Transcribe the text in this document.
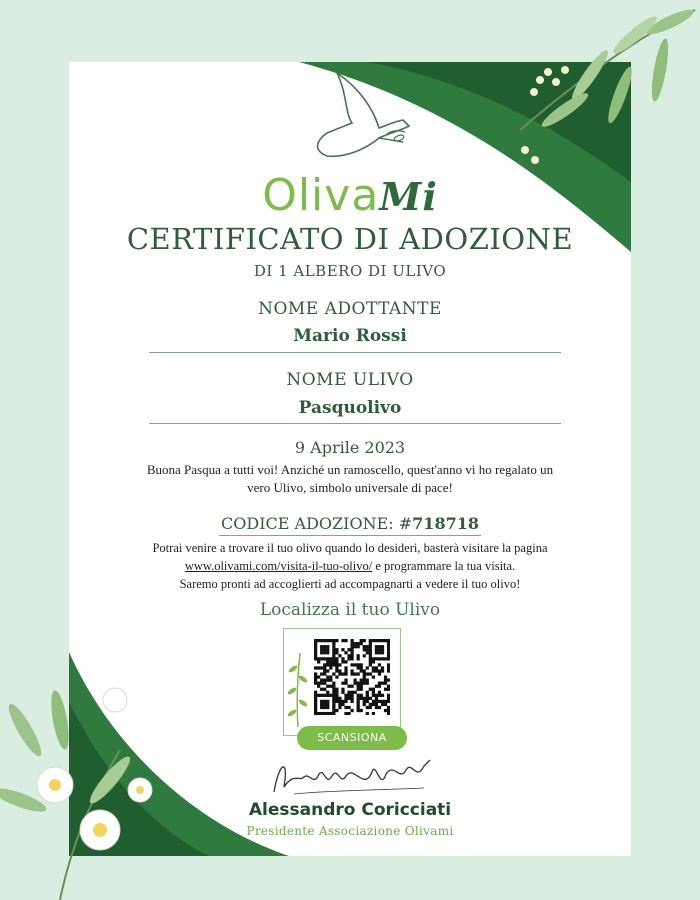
OlivaMi
CERTIFICATO DI ADOZIONE
DI 1 ALBERO DI ULIVO
NOME ADOTTANTE
Mario Rossi
NOME ULIVO
Pasquolivo
9 Aprile 2023
Buona Pasqua a tutti voi! Anziché un ramoscello, quest'anno vi ho regalato un
vero Ulivo, simbolo universale di pace!
CODICE ADOZIONE: #718718
Potrai venire a trovare il tuo olivo quando lo desideri, basterà visitare la pagina
www.olivami.com/visita-il-tuo-olivo/ e programmare la tua visita.
Saremo pronti ad accoglierti ad accompagnarti a vedere il tuo olivo!
Localizza il tuo Ulivo
SCANSIONA
Alessandro Coricciati
Presidente Associazione Olivami
